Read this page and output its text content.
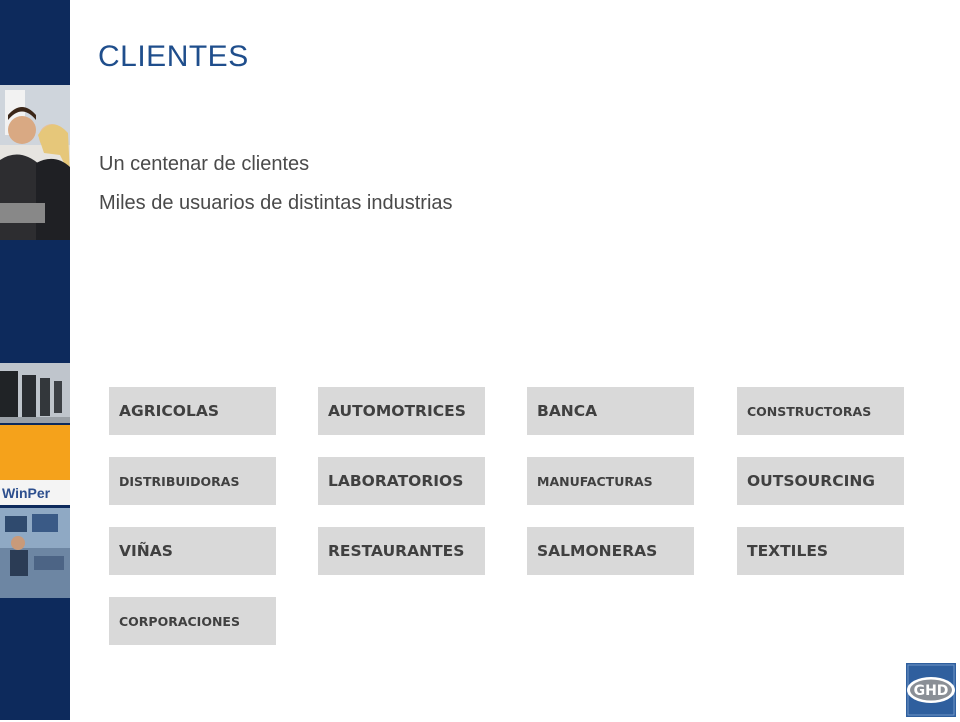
WinPer
CLIENTES
Un centenar de clientes
Miles de usuarios de distintas industrias
AGRICOLAS	AUTOMOTRICES	BANCA	CONSTRUCTORAS
DISTRIBUIDORAS	LABORATORIOS	MANUFACTURAS	OUTSOURCING
VIÑAS	RESTAURANTES	SALMONERAS	TEXTILES
CORPORACIONES
GHD
